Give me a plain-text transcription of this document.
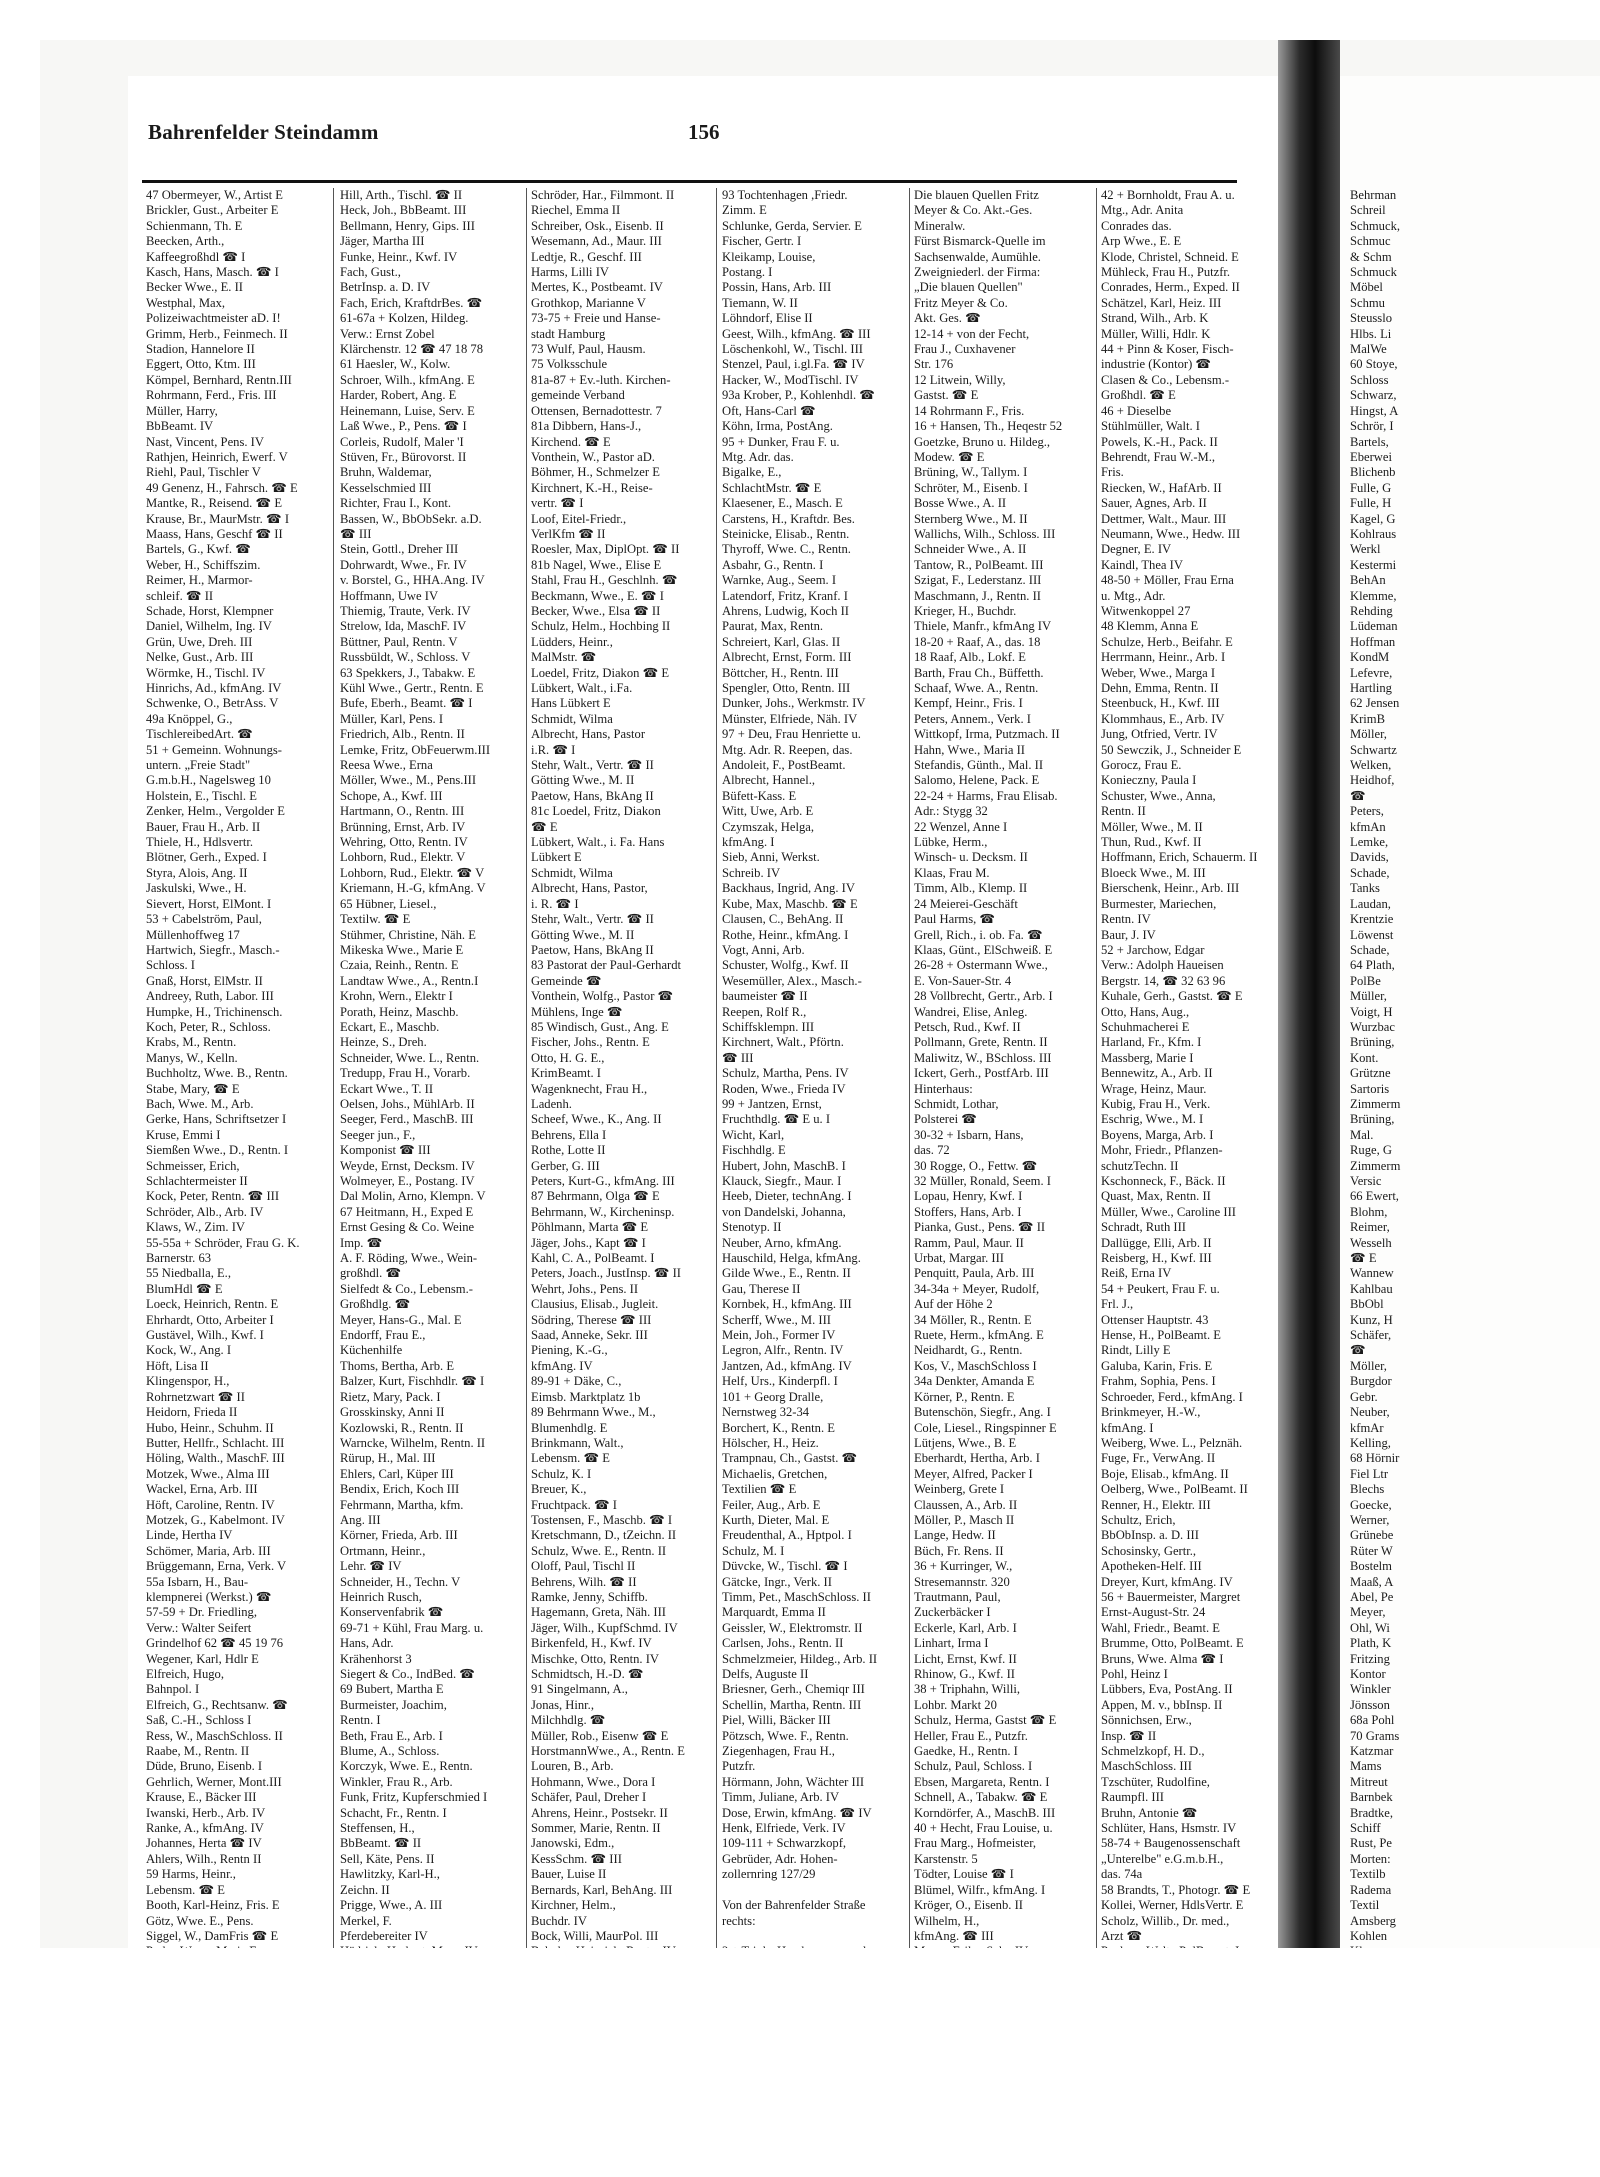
Bahrenfelder Steindamm	156
47 Obermeyer, W., Artist E
Brickler, Gust., Arbeiter E
Schienmann, Th. E
Beecken, Arth.,
Kaffeegroßhdl ☎ I
Kasch, Hans, Masch. ☎ I
Becker Wwe., E. II
Westphal, Max,
Polizeiwachtmeister aD. I!
Grimm, Herb., Feinmech. II
Stadion, Hannelore II
Eggert, Otto, Ktm. III
Kömpel, Bernhard, Rentn.III
Rohrmann, Ferd., Fris. III
Müller, Harry,
BbBeamt. IV
Nast, Vincent, Pens. IV
Rathjen, Heinrich, Ewerf. V
Riehl, Paul, Tischler V
49 Genenz, H., Fahrsch. ☎ E
Mantke, R., Reisend. ☎ E
Krause, Br., MaurMstr. ☎ I
Maass, Hans, Geschf ☎ II
Bartels, G., Kwf. ☎
Weber, H., Schiffszim.
Reimer, H., Marmor-
schleif. ☎ II
Schade, Horst, Klempner
Daniel, Wilhelm, Ing. IV
Grün, Uwe, Dreh. III
Nelke, Gust., Arb. III
Wörmke, H., Tischl. IV
Hinrichs, Ad., kfmAng. IV
Schwenke, O., BetrAss. V
49a Knöppel, G.,
TischlereibedArt. ☎
51 + Gemeinn. Wohnungs-
untern. „Freie Stadt"
G.m.b.H., Nagelsweg 10
Holstein, E., Tischl. E
Zenker, Helm., Vergolder E
Bauer, Frau H., Arb. II
Thiele, H., Hdlsvertr.
Blötner, Gerh., Exped. I
Styra, Alois, Ang. II
Jaskulski, Wwe., H.
Sievert, Horst, ElMont. I
53 + Cabelström, Paul,
Müllenhoffweg 17
Hartwich, Siegfr., Masch.-
Schloss. I
Gnaß, Horst, ElMstr. II
Andreey, Ruth, Labor. III
Humpke, H., Trichinensch.
Koch, Peter, R., Schloss.
Krabs, M., Rentn.
Manys, W., Kelln.
Buchholtz, Wwe. B., Rentn.
Stabe, Mary, ☎ E
Bach, Wwe. M., Arb.
Gerke, Hans, Schriftsetzer I
Kruse, Emmi I
Siemßen Wwe., D., Rentn. I
Schmeisser, Erich,
Schlachtermeister II
Kock, Peter, Rentn. ☎ III
Schröder, Alb., Arb. IV
Klaws, W., Zim. IV
55-55a + Schröder, Frau G. K.
Barnerstr. 63
55 Niedballa, E.,
BlumHdl ☎ E
Loeck, Heinrich, Rentn. E
Ehrhardt, Otto, Arbeiter I
Gustävel, Wilh., Kwf. I
Kock, W., Ang. I
Höft, Lisa II
Klingenspor, H.,
Rohrnetzwart ☎ II
Heidorn, Frieda II
Hubo, Heinr., Schuhm. II
Butter, Hellfr., Schlacht. III
Höling, Walth., MaschF. III
Motzek, Wwe., Alma III
Wackel, Erna, Arb. III
Höft, Caroline, Rentn. IV
Motzek, G., Kabelmont. IV
Linde, Hertha IV
Schömer, Maria, Arb. III
Brüggemann, Erna, Verk. V
55a Isbarn, H., Bau-
klempnerei (Werkst.) ☎
57-59 + Dr. Friedling,
Verw.: Walter Seifert
Grindelhof 62 ☎ 45 19 76
Wegener, Karl, Hdlr E
Elfreich, Hugo,
Bahnpol. I
Elfreich, G., Rechtsanw. ☎
Saß, C.-H., Schloss I
Ress, W., MaschSchloss. II
Raabe, M., Rentn. II
Düde, Bruno, Eisenb. I
Gehrlich, Werner, Mont.III
Krause, E., Bäcker III
Iwanski, Herb., Arb. IV
Ranke, A., kfmAng. IV
Johannes, Herta ☎ IV
Ahlers, Wilh., Rentn II
59 Harms, Heinr.,
Lebensm. ☎ E
Booth, Karl-Heinz, Fris. E
Götz, Wwe. E., Pens.
Siggel, W., DamFris ☎ E
Hill, Arth., Tischl. ☎ II
Heck, Joh., BbBeamt. III
Bellmann, Henry, Gips. III
Jäger, Martha III
Funke, Heinr., Kwf. IV
Fach, Gust.,
BetrInsp. a. D. IV
Fach, Erich, KraftdrBes. ☎
61-67a + Kolzen, Hildeg.
Verw.: Ernst Zobel
Klärchenstr. 12 ☎ 47 18 78
61 Haesler, W., Kolw.
Schroer, Wilh., kfmAng. E
Harder, Robert, Ang. E
Heinemann, Luise, Serv. E
Laß Wwe., P., Pens. ☎ I
Corleis, Rudolf, Maler 'I
Stüven, Fr., Bürovorst. II
Bruhn, Waldemar,
Kesselschmied III
Richter, Frau I., Kont.
Bassen, W., BbObSekr. a.D.
☎ III
Stein, Gottl., Dreher III
Dohrwardt, Wwe., Fr. IV
v. Borstel, G., HHA.Ang. IV
Hoffmann, Uwe IV
Thiemig, Traute, Verk. IV
Strelow, Ida, MaschF. IV
Büttner, Paul, Rentn. V
Russbüldt, W., Schloss. V
63 Spekkers, J., Tabakw. E
Kühl Wwe., Gertr., Rentn. E
Bufe, Eberh., Beamt. ☎ I
Müller, Karl, Pens. I
Friedrich, Alb., Rentn. II
Lemke, Fritz, ObFeuerwm.III
Reesa Wwe., Erna
Möller, Wwe., M., Pens.III
Schope, A., Kwf. III
Hartmann, O., Rentn. III
Brünning, Ernst, Arb. IV
Wehring, Otto, Rentn. IV
Lohborn, Rud., Elektr. V
Lohborn, Rud., Elektr. ☎ V
Kriemann, H.-G, kfmAng. V
65 Hübner, Liesel.,
Textilw. ☎ E
Stühmer, Christine, Näh. E
Mikeska Wwe., Marie E
Czaia, Reinh., Rentn. E
Landtaw Wwe., A., Rentn.I
Krohn, Wern., Elektr I
Porath, Heinz, Maschb.
Eckart, E., Maschb.
Heinze, S., Dreh.
Schneider, Wwe. L., Rentn.
Tredupp, Frau H., Vorarb.
Eckart Wwe., T. II
Oelsen, Johs., MühlArb. II
Seeger, Ferd., MaschB. III
Seeger jun., F.,
Komponist ☎ III
Weyde, Ernst, Decksm. IV
Wolmeyer, E., Postang. IV
Dal Molin, Arno, Klempn. V
67 Heitmann, H., Exped E
Ernst Gesing & Co. Weine
Imp. ☎
A. F. Röding, Wwe., Wein-
großhdl. ☎
Sielfedt & Co., Lebensm.-
Großhdlg. ☎
Meyer, Hans-G., Mal. E
Endorff, Frau E.,
Küchenhilfe
Thoms, Bertha, Arb. E
Balzer, Kurt, Fischhdlr. ☎ I
Rietz, Mary, Pack. I
Grosskinsky, Anni II
Kozlowski, R., Rentn. II
Warncke, Wilhelm, Rentn. II
Rürup, H., Mal. III
Ehlers, Carl, Küper III
Bendix, Erich, Koch III
Fehrmann, Martha, kfm.
Ang. III
Körner, Frieda, Arb. III
Ortmann, Heinr.,
Lehr. ☎ IV
Schneider, H., Techn. V
Heinrich Rusch,
Konservenfabrik ☎
69-71 + Kühl, Frau Marg. u.
Hans, Adr.
Krähenhorst 3
Siegert & Co., IndBed. ☎
69 Bubert, Martha E
Burmeister, Joachim,
Rentn. I
Beth, Frau E., Arb. I
Blume, A., Schloss.
Korczyk, Wwe. E., Rentn.
Winkler, Frau R., Arb.
Funk, Fritz, Kupferschmied I
Schacht, Fr., Rentn. I
Steffensen, H.,
BbBeamt. ☎ II
Sell, Käte, Pens. II
Hawlitzky, Karl-H.,
Zeichn. II
Prigge, Wwe., A. III
Merkel, F.
Pferdebereiter IV
Schröder, Har., Filmmont. II
Riechel, Emma II
Schreiber, Osk., Eisenb. II
Wesemann, Ad., Maur. III
Ledtje, R., Geschf. III
Harms, Lilli IV
Mertes, K., Postbeamt. IV
Grothkop, Marianne V
73-75 + Freie und Hanse-
stadt Hamburg
73 Wulf, Paul, Hausm.
75 Volksschule
81a-87 + Ev.-luth. Kirchen-
gemeinde Verband
Ottensen, Bernadottestr. 7
81a Dibbern, Hans-J.,
Kirchend. ☎ E
Vonthein, W., Pastor aD.
Böhmer, H., Schmelzer E
Kirchnert, K.-H., Reise-
vertr. ☎ I
Loof, Eitel-Friedr.,
VerlKfm ☎ II
Roesler, Max, DiplOpt. ☎ II
81b Nagel, Wwe., Elise E
Stahl, Frau H., Geschlnh. ☎
Beckmann, Wwe., E. ☎ I
Becker, Wwe., Elsa ☎ II
Schulz, Helm., Hochbing II
Lüdders, Heinr.,
MalMstr. ☎
Loedel, Fritz, Diakon ☎ E
Lübkert, Walt., i.Fa.
Hans Lübkert E
Schmidt, Wilma
Albrecht, Hans, Pastor
i.R. ☎ I
Stehr, Walt., Vertr. ☎ II
Götting Wwe., M. II
Paetow, Hans, BkAng II
81c Loedel, Fritz, Diakon
☎ E
Lübkert, Walt., i. Fa. Hans
Lübkert E
Schmidt, Wilma
Albrecht, Hans, Pastor,
i. R. ☎ I
Stehr, Walt., Vertr. ☎ II
Götting Wwe., M. II
Paetow, Hans, BkAng II
83 Pastorat der Paul-Gerhardt
Gemeinde ☎
Vonthein, Wolfg., Pastor ☎
Mühlens, Inge ☎
85 Windisch, Gust., Ang. E
Fischer, Johs., Rentn. E
Otto, H. G. E.,
KrimBeamt. I
Wagenknecht, Frau H.,
Ladenh.
Scheef, Wwe., K., Ang. II
Behrens, Ella I
Rothe, Lotte II
Gerber, G. III
Peters, Kurt-G., kfmAng. III
87 Behrmann, Olga ☎ E
Behrmann, W., Kircheninsp.
Pöhlmann, Marta ☎ E
Jäger, Johs., Kapt ☎ I
Kahl, C. A., PolBeamt. I
Peters, Joach., JustInsp. ☎ II
Wehrt, Johs., Pens. II
Clausius, Elisab., Jugleit.
Södring, Therese ☎ III
Saad, Anneke, Sekr. III
Piening, K.-G.,
kfmAng. IV
89-91 + Däke, C.,
Eimsb. Marktplatz 1b
89 Behrmann Wwe., M.,
Blumenhdlg. E
Brinkmann, Walt.,
Lebensm. ☎ E
Schulz, K. I
Breuer, K.,
Fruchtpack. ☎ I
Tostensen, F., Maschb. ☎ I
Kretschmann, D., tZeichn. II
Schulz, Wwe. E., Rentn. II
Oloff, Paul, Tischl II
Behrens, Wilh. ☎ II
Ramke, Jenny, Schiffb.
Hagemann, Greta, Näh. III
Jäger, Wilh., KupfSchmd. IV
Birkenfeld, H., Kwf. IV
Mischke, Otto, Rentn. IV
Schmidtsch, H.-D. ☎
91 Singelmann, A.,
Jonas, Hinr.,
Milchhdlg. ☎
Müller, Rob., Eisenw ☎ E
HorstmannWwe., A., Rentn. E
Louren, B., Arb.
Hohmann, Wwe., Dora I
Schäfer, Paul, Dreher I
Ahrens, Heinr., Postsekr. II
Sommer, Marie, Rentn. II
Janowski, Edm.,
KessSchm. ☎ III
Bauer, Luise II
Bernards, Karl, BehAng. III
Kirchner, Helm.,
Buchdr. IV
Bock, Willi, MaurPol. III
93 Tochtenhagen ,Friedr.
Zimm. E
Schlunke, Gerda, Servier. E
Fischer, Gertr. I
Kleikamp, Louise,
Postang. I
Possin, Hans, Arb. III
Tiemann, W. II
Löhndorf, Elise II
Geest, Wilh., kfmAng. ☎ III
Löschenkohl, W., Tischl. III
Stenzel, Paul, i.gl.Fa. ☎ IV
Hacker, W., ModTischl. IV
93a Krober, P., Kohlenhdl. ☎
Oft, Hans-Carl ☎
Köhn, Irma, PostAng.
95 + Dunker, Frau F. u.
Mtg. Adr. das.
Bigalke, E.,
SchlachtMstr. ☎ E
Klaesener, E., Masch. E
Carstens, H., Kraftdr. Bes.
Steinicke, Elisab., Rentn.
Thyroff, Wwe. C., Rentn.
Asbahr, G., Rentn. I
Warnke, Aug., Seem. I
Latendorf, Fritz, Kranf. I
Ahrens, Ludwig, Koch II
Paurat, Max, Rentn.
Schreiert, Karl, Glas. II
Albrecht, Ernst, Form. III
Böttcher, H., Rentn. III
Spengler, Otto, Rentn. III
Dunker, Johs., Werkmstr. IV
Münster, Elfriede, Näh. IV
97 + Deu, Frau Henriette u.
Mtg. Adr. R. Reepen, das.
Andoleit, F., PostBeamt.
Albrecht, Hannel.,
Büfett-Kass. E
Witt, Uwe, Arb. E
Czymszak, Helga,
kfmAng. I
Sieb, Anni, Werkst.
Schreib. IV
Backhaus, Ingrid, Ang. IV
Kube, Max, Maschb. ☎ E
Clausen, C., BehAng. II
Rothe, Heinr., kfmAng. I
Vogt, Anni, Arb.
Schuster, Wolfg., Kwf. II
Wesemüller, Alex., Masch.-
baumeister ☎ II
Reepen, Rolf R.,
Schiffsklempn. III
Kirchnert, Walt., Pförtn.
☎ III
Schulz, Martha, Pens. IV
Roden, Wwe., Frieda IV
99 + Jantzen, Ernst,
Fruchthdlg. ☎ E u. I
Wicht, Karl,
Fischhdlg. E
Hubert, John, MaschB. I
Klauck, Siegfr., Maur. I
Heeb, Dieter, technAng. I
von Dandelski, Johanna,
Stenotyp. II
Neuber, Arno, kfmAng.
Hauschild, Helga, kfmAng.
Gilde Wwe., E., Rentn. II
Gau, Therese II
Kornbek, H., kfmAng. III
Scherff, Wwe., M. III
Mein, Joh., Former IV
Legron, Alfr., Rentn. IV
Jantzen, Ad., kfmAng. IV
Helf, Urs., Kinderpfl. I
101 + Georg Dralle,
Nernstweg 32-34
Borchert, K., Rentn. E
Hölscher, H., Heiz.
Trampnau, Ch., Gastst. ☎
Michaelis, Gretchen,
Textilien ☎ E
Feiler, Aug., Arb. E
Kurth, Dieter, Mal. E
Freudenthal, A., Hptpol. I
Schulz, M. I
Düvcke, W., Tischl. ☎ I
Gätcke, Ingr., Verk. II
Timm, Pet., MaschSchloss. II
Marquardt, Emma II
Geissler, W., Elektromstr. II
Carlsen, Johs., Rentn. II
Schmelzmeier, Hildeg., Arb. II
Delfs, Auguste II
Briesner, Gerh., Chemiqr III
Schellin, Martha, Rentn. III
Piel, Willi, Bäcker III
Pötzsch, Wwe. F., Rentn.
Ziegenhagen, Frau H.,
Putzfr.
Hörmann, John, Wächter III
Timm, Juliane, Arb. IV
Dose, Erwin, kfmAng. ☎ IV
Henk, Elfriede, Verk. IV
109-111 + Schwarzkopf,
Gebrüder, Adr. Hohen-
zollernring 127/29

Von der Bahrenfelder Straße
rechts:

Die blauen Quellen Fritz
Meyer & Co. Akt.-Ges.
Mineralw.
Fürst Bismarck-Quelle im
Sachsenwalde, Aumühle.
Zweigniederl. der Firma:
„Die blauen Quellen"
Fritz Meyer & Co.
Akt. Ges. ☎
12-14 + von der Fecht,
Frau J., Cuxhavener
Str. 176
12 Litwein, Willy,
Gastst. ☎ E
14 Rohrmann F., Fris.
16 + Hansen, Th., Heqestr 52
Goetzke, Bruno u. Hildeg.,
Modew. ☎ E
Brüning, W., Tallym. I
Schröter, M., Eisenb. I
Bosse Wwe., A. II
Sternberg Wwe., M. II
Wallichs, Wilh., Schloss. III
Schneider Wwe., A. II
Tantow, R., PolBeamt. III
Szigat, F., Lederstanz. III
Maschmann, J., Rentn. II
Krieger, H., Buchdr.
Thiele, Manfr., kfmAng IV
18-20 + Raaf, A., das. 18
18 Raaf, Alb., Lokf. E
Barth, Frau Ch., Büffetth.
Schaaf, Wwe. A., Rentn.
Kempf, Heinr., Fris. I
Peters, Annem., Verk. I
Wittkopf, Irma, Putzmach. II
Hahn, Wwe., Maria II
Stefandis, Günth., Mal. II
Salomo, Helene, Pack. E
22-24 + Harms, Frau Elisab.
Adr.: Stygg 32
22 Wenzel, Anne I
Lübke, Herm.,
Winsch- u. Decksm. II
Klaas, Frau M.
Timm, Alb., Klemp. II
24 Meierei-Geschäft
Paul Harms, ☎
Grell, Rich., i. ob. Fa. ☎
Klaas, Günt., ElSchweiß. E
26-28 + Ostermann Wwe.,
E. Von-Sauer-Str. 4
28 Vollbrecht, Gertr., Arb. I
Wandrei, Elise, Anleg.
Petsch, Rud., Kwf. II
Pollmann, Grete, Rentn. II
Maliwitz, W., BSchloss. III
Ickert, Gerh., PostfArb. III
Hinterhaus:
Schmidt, Lothar,
Polsterei ☎
30-32 + Isbarn, Hans,
das. 72
30 Rogge, O., Fettw. ☎
32 Müller, Ronald, Seem. I
Lopau, Henry, Kwf. I
Stoffers, Hans, Arb. I
Pianka, Gust., Pens. ☎ II
Ramm, Paul, Maur. II
Urbat, Margar. III
Penquitt, Paula, Arb. III
34-34a + Meyer, Rudolf,
Auf der Höhe 2
34 Möller, R., Rentn. E
Ruete, Herm., kfmAng. E
Neidhardt, G., Rentn.
Kos, V., MaschSchloss I
34a Denkter, Amanda E
Körner, P., Rentn. E
Butenschön, Siegfr., Ang. I
Cole, Liesel., Ringspinner E
Lütjens, Wwe., B. E
Eberhardt, Hertha, Arb. I
Meyer, Alfred, Packer I
Weinberg, Grete I
Claussen, A., Arb. II
Möller, P., Masch II
Lange, Hedw. II
Büch, Fr. Rens. II
36 + Kurringer, W.,
Stresemannstr. 320
Trautmann, Paul,
Zuckerbäcker I
Eckerle, Karl, Arb. I
Linhart, Irma I
Licht, Ernst, Kwf. II
Rhinow, G., Kwf. II
38 + Triphahn, Willi,
Lohbr. Markt 20
Schulz, Herma, Gastst ☎ E
Heller, Frau E., Putzfr.
Gaedke, H., Rentn. I
Schulz, Paul, Schloss. I
Ebsen, Margareta, Rentn. I
Schnell, A., Tabakw. ☎ E
Korndörfer, A., MaschB. III
40 + Hecht, Frau Louise, u.
Frau Marg., Hofmeister,
Karstenstr. 5
Tödter, Louise ☎ I
Blümel, Wilfr., kfmAng. I
Kröger, O., Eisenb. II
Wilhelm, H.,
kfmAng. ☎ III
42 + Bornholdt, Frau A. u.
Mtg., Adr. Anita
Conrades das.
Arp Wwe., E. E
Klode, Christel, Schneid. E
Mühleck, Frau H., Putzfr.
Conrades, Herm., Exped. II
Schätzel, Karl, Heiz. III
Strand, Wilh., Arb. K
Müller, Willi, Hdlr. K
44 + Pinn & Koser, Fisch-
industrie (Kontor) ☎
Clasen & Co., Lebensm.-
Großhdl. ☎ E
46 + Dieselbe
Stühlmüller, Walt. I
Powels, K.-H., Pack. II
Behrendt, Frau W.-M.,
Fris.
Riecken, W., HafArb. II
Sauer, Agnes, Arb. II
Dettmer, Walt., Maur. III
Neumann, Wwe., Hedw. III
Degner, E. IV
Kaindl, Thea IV
48-50 + Möller, Frau Erna
u. Mtg., Adr.
Witwenkoppel 27
48 Klemm, Anna E
Schulze, Herb., Beifahr. E
Herrmann, Heinr., Arb. I
Weber, Wwe., Marga I
Dehn, Emma, Rentn. II
Steenbuck, H., Kwf. III
Klommhaus, E., Arb. IV
Jung, Otfried, Vertr. IV
50 Sewczik, J., Schneider E
Gorocz, Frau E.
Konieczny, Paula I
Schuster, Wwe., Anna,
Rentn. II
Möller, Wwe., M. II
Thun, Rud., Kwf. II
Hoffmann, Erich, Schauerm. II
Bloeck Wwe., M. III
Bierschenk, Heinr., Arb. III
Burmester, Mariechen,
Rentn. IV
Baur, J. IV
52 + Jarchow, Edgar
Verw.: Adolph Haueisen
Bergstr. 14, ☎ 32 63 96
Kuhale, Gerh., Gastst. ☎ E
Otto, Hans, Aug.,
Schuhmacherei E
Harland, Fr., Kfm. I
Massberg, Marie I
Bennewitz, A., Arb. II
Wrage, Heinz, Maur.
Kubig, Frau H., Verk.
Eschrig, Wwe., M. I
Boyens, Marga, Arb. I
Mohr, Friedr., Pflanzen-
schutzTechn. II
Kschonneck, F., Bäck. II
Quast, Max, Rentn. II
Müller, Wwe., Caroline III
Schradt, Ruth III
Dallügge, Elli, Arb. II
Reisberg, H., Kwf. III
Reiß, Erna IV
54 + Peukert, Frau F. u.
Frl. J.,
Ottenser Hauptstr. 43
Hense, H., PolBeamt. E
Rindt, Lilly E
Galuba, Karin, Fris. E
Frahm, Sophia, Pens. I
Schroeder, Ferd., kfmAng. I
Brinkmeyer, H.-W.,
kfmAng. I
Weiberg, Wwe. L., Pelznäh.
Fuge, Fr., VerwAng. II
Boje, Elisab., kfmAng. II
Oelberg, Wwe., PolBeamt. II
Renner, H., Elektr. III
Schultz, Erich,
BbObInsp. a. D. III
Schosinsky, Gertr.,
Apotheken-Helf. III
Dreyer, Kurt, kfmAng. IV
56 + Bauermeister, Margret
Ernst-August-Str. 24
Wahl, Friedr., Beamt. E
Brumme, Otto, PolBeamt. E
Bruns, Wwe. Alma ☎ I
Pohl, Heinz I
Lübbers, Eva, PostAng. II
Appen, M. v., bbInsp. II
Sönnichsen, Erw.,
Insp. ☎ II
Schmelzkopf, H. D.,
MaschSchloss. III
Tzschüter, Rudolfine,
Raumpfl. III
Bruhn, Antonie ☎
Schlüter, Hans, Hsmstr. IV
58-74 + Baugenossenschaft
„Unterelbe" e.G.m.b.H.,
das. 74a
58 Brandts, T., Photogr. ☎ E
Kollei, Werner, HdlsVertr. E
Scholz, Willib., Dr. med.,
Arzt ☎
Behrman
Schreil
Schmuck,
Schmuc
& Schm
Schmuck
Möbel
Schmu
Steusslo
Hlbs. Li
MalWe
60 Stoye,
Schloss
Schwarz,
Hingst, A
Schrör, I
Bartels,
Eberwei
Blichenb
Fulle, G
Fulle, H
Kagel, G
Kohlraus
Werkl
Kestermi
BehAn
Klemme,
Rehding
Lüdeman
Hoffman
KondM
Lefevre,
Hartling
62 Jensen
KrimB
Möller,
Schwartz
Welken,
Heidhof,
☎
Peters,
kfmAn
Lemke,
Davids,
Schade,
Tanks
Laudan,
Krentzie
Löwenst
Schade,
64 Plath,
PolBe
Müller,
Voigt, H
Wurzbac
Brüning,
Kont.
Grützne
Sartoris
Zimmerm
Brüning,
Mal.
Ruge, G
Zimmerm
Versic
66 Ewert,
Blohm,
Reimer,
Wesselh
☎ E
Wannew
Kahlbau
BbObl
Kunz, H
Schäfer,
☎
Möller,
Burgdor
Gebr.
Neuber,
kfmAr
Kelling,
68 Hörnir
Fiel Ltr
Blechs
Goecke,
Werner,
Grünebe
Rüter W
Bostelm
Maaß, A
Abel, Pe
Meyer,
Ohl, Wi
Plath, K
Fritzing
Kontor
Winkler
Jönsson
68a Pohl
70 Grams
Katzmar
Mams
Mitreut
Barnbek
Bradtke,
Schiff
Rust, Pe
Morten:
Textilb
Radema
Textil
Amsberg
Kohlen
